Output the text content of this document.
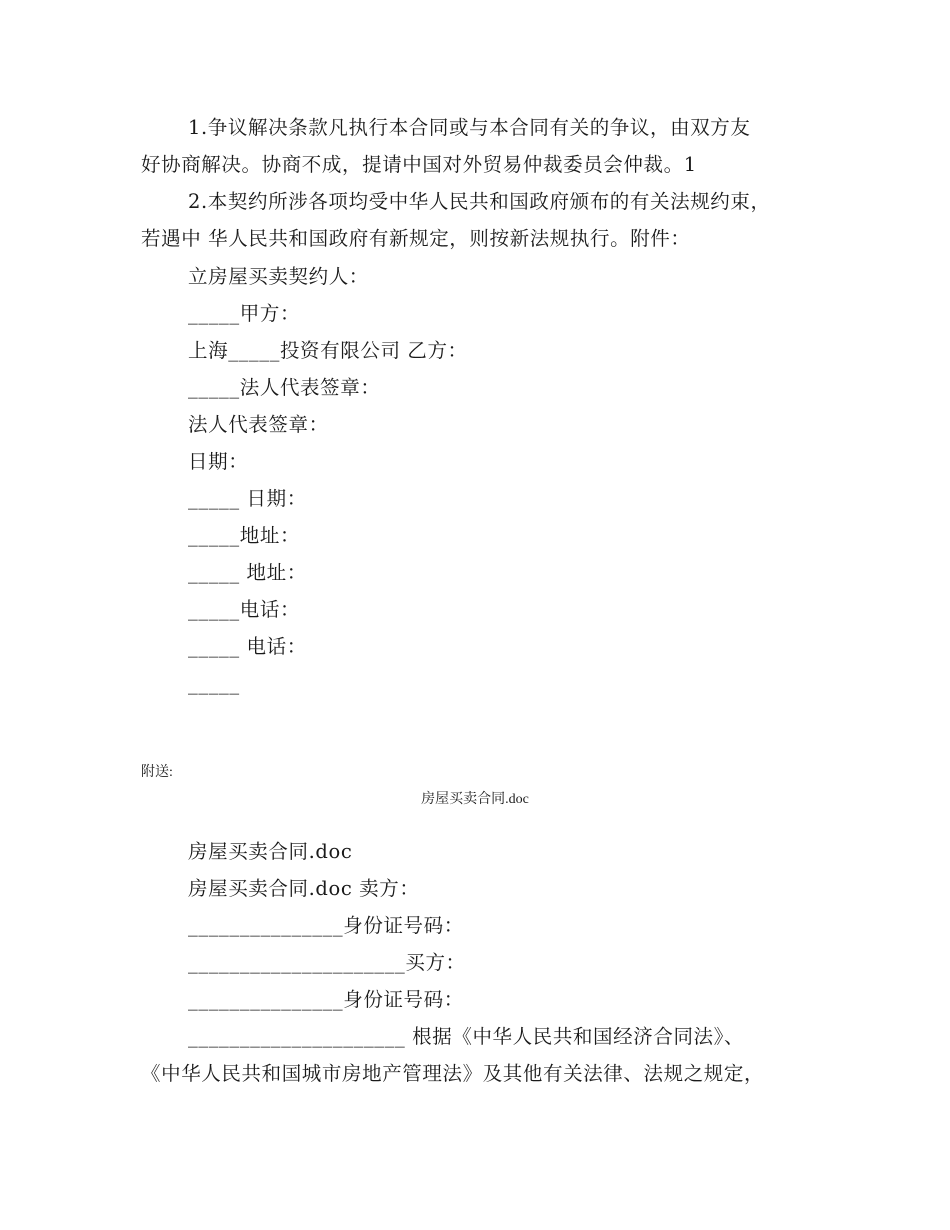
1.争议解决条款凡执行本合同或与本合同有关的争议，由双方友
好协商解决。协商不成，提请中国对外贸易仲裁委员会仲裁。1
2.本契约所涉各项均受中华人民共和国政府颁布的有关法规约束，
若遇中 华人民共和国政府有新规定，则按新法规执行。附件：
立房屋买卖契约人：
_____甲方：
上海_____投资有限公司 乙方：
_____法人代表签章：
法人代表签章：
日期：
_____ 日期：
_____地址：
_____ 地址：
_____电话：
_____ 电话：
_____
附送:
房屋买卖合同.doc
房屋买卖合同.doc
房屋买卖合同.doc 卖方：
_______________身份证号码：
_____________________买方：
_______________身份证号码：
_____________________ 根据《中华人民共和国经济合同法》、
《中华人民共和国城市房地产管理法》及其他有关法律、法规之规定，
